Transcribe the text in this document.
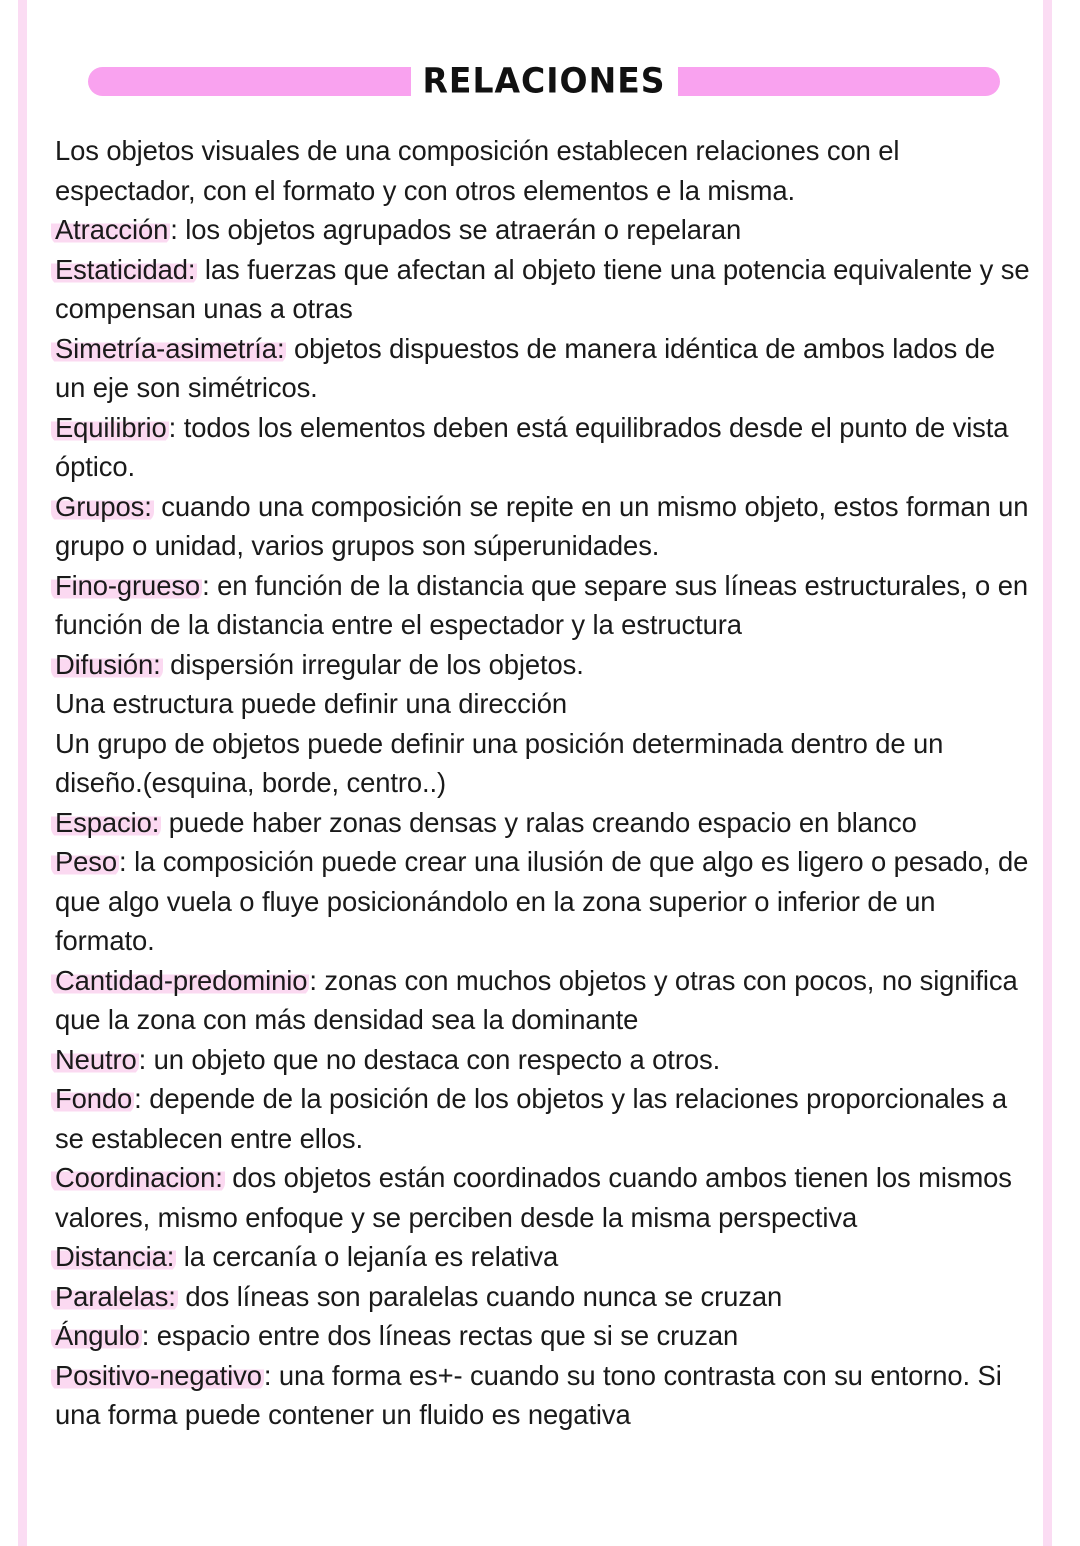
RELACIONES

Los objetos visuales de una composición establecen relaciones con el espectador, con el formato y con otros elementos e la misma.

Atracción: los objetos agrupados se atraerán o repelaran

Estaticidad: las fuerzas que afectan al objeto tiene una potencia equivalente y se compensan unas a otras

Simetría-asimetría: objetos dispuestos de manera idéntica de ambos lados de un eje son simétricos.

Equilibrio: todos los elementos deben está equilibrados desde el punto de vista óptico.

Grupos: cuando una composición se repite en un mismo objeto, estos forman un grupo o unidad, varios grupos son súperunidades.

Fino-grueso: en función de la distancia que separe sus líneas estructurales, o en función de la distancia entre el espectador y la estructura

Difusión: dispersión irregular de los objetos.

Una estructura puede definir una dirección

Un grupo de objetos puede definir una posición determinada dentro de un diseño.(esquina, borde, centro..)

Espacio: puede haber zonas densas y ralas creando espacio en blanco

Peso: la composición puede crear una ilusión de que algo es ligero o pesado, de que algo vuela o fluye posicionándolo en la zona superior o inferior de un formato.

Cantidad-predominio: zonas con muchos objetos y otras con pocos, no significa que la zona con más densidad sea la dominante

Neutro: un objeto que no destaca con respecto a otros.

Fondo: depende de la posición de los objetos y las relaciones proporcionales a se establecen entre ellos.

Coordinacion: dos objetos están coordinados cuando ambos tienen los mismos valores, mismo enfoque y se perciben desde la misma perspectiva

Distancia: la cercanía o lejanía es relativa

Paralelas: dos líneas son paralelas cuando nunca se cruzan

Ángulo: espacio entre dos líneas rectas que si se cruzan

Positivo-negativo: una forma es+- cuando su tono contrasta con su entorno. Si una forma puede contener un fluido es negativa
